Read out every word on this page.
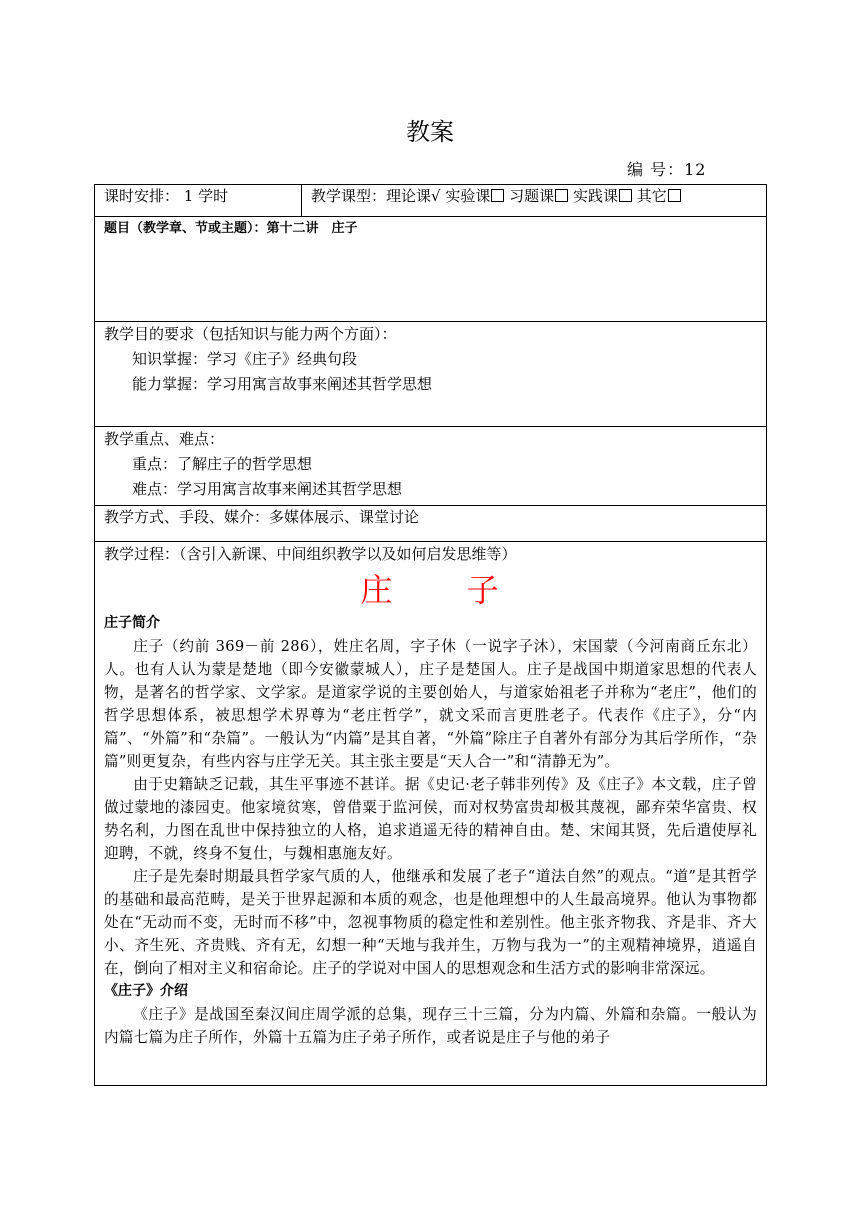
教案
编 号：12
课时安排： 1 学时	教学课型：理论课√ 实验课 习题课 实践课 其它
题目（教学章、节或主题）：第十二讲　庄子

教学目的要求（包括知识与能力两个方面）：
知识掌握：学习《庄子》经典句段
能力掌握：学习用寓言故事来阐述其哲学思想

教学重点、难点：
重点：了解庄子的哲学思想
难点：学习用寓言故事来阐述其哲学思想

教学方式、手段、媒介：多媒体展示、课堂讨论

教学过程：（含引入新课、中间组织教学以及如何启发思维等）
庄 子
庄子简介

庄子（约前 369－前 286），姓庄名周，字子休（一说字子沐），宋国蒙（今河南商丘东北）人。也有人认为蒙是楚地（即今安徽蒙城人），庄子是楚国人。庄子是战国中期道家思想的代表人物，是著名的哲学家、文学家。是道家学说的主要创始人，与道家始祖老子并称为“老庄”，他们的哲学思想体系，被思想学术界尊为“老庄哲学”，就文采而言更胜老子。代表作《庄子》，分“内篇”、“外篇”和“杂篇”。一般认为“内篇”是其自著，“外篇”除庄子自著外有部分为其后学所作，“杂篇”则更复杂，有些内容与庄学无关。其主张主要是“天人合一”和“清静无为”。

由于史籍缺乏记载，其生平事迹不甚详。据《史记·老子韩非列传》及《庄子》本文载，庄子曾做过蒙地的漆园吏。他家境贫寒，曾借粟于监河侯，而对权势富贵却极其蔑视，鄙弃荣华富贵、权势名利，力图在乱世中保持独立的人格，追求逍遥无待的精神自由。楚、宋闻其贤，先后遣使厚礼迎聘，不就，终身不复仕，与魏相惠施友好。

庄子是先秦时期最具哲学家气质的人，他继承和发展了老子“道法自然”的观点。“道”是其哲学的基础和最高范畴，是关于世界起源和本质的观念，也是他理想中的人生最高境界。他认为事物都处在“无动而不变，无时而不移”中，忽视事物质的稳定性和差别性。他主张齐物我、齐是非、齐大小、齐生死、齐贵贱、齐有无，幻想一种“天地与我并生，万物与我为一”的主观精神境界，逍遥自在，倒向了相对主义和宿命论。庄子的学说对中国人的思想观念和生活方式的影响非常深远。

《庄子》介绍

《庄子》是战国至秦汉间庄周学派的总集，现存三十三篇，分为内篇、外篇和杂篇。一般认为内篇七篇为庄子所作，外篇十五篇为庄子弟子所作，或者说是庄子与他的弟子
